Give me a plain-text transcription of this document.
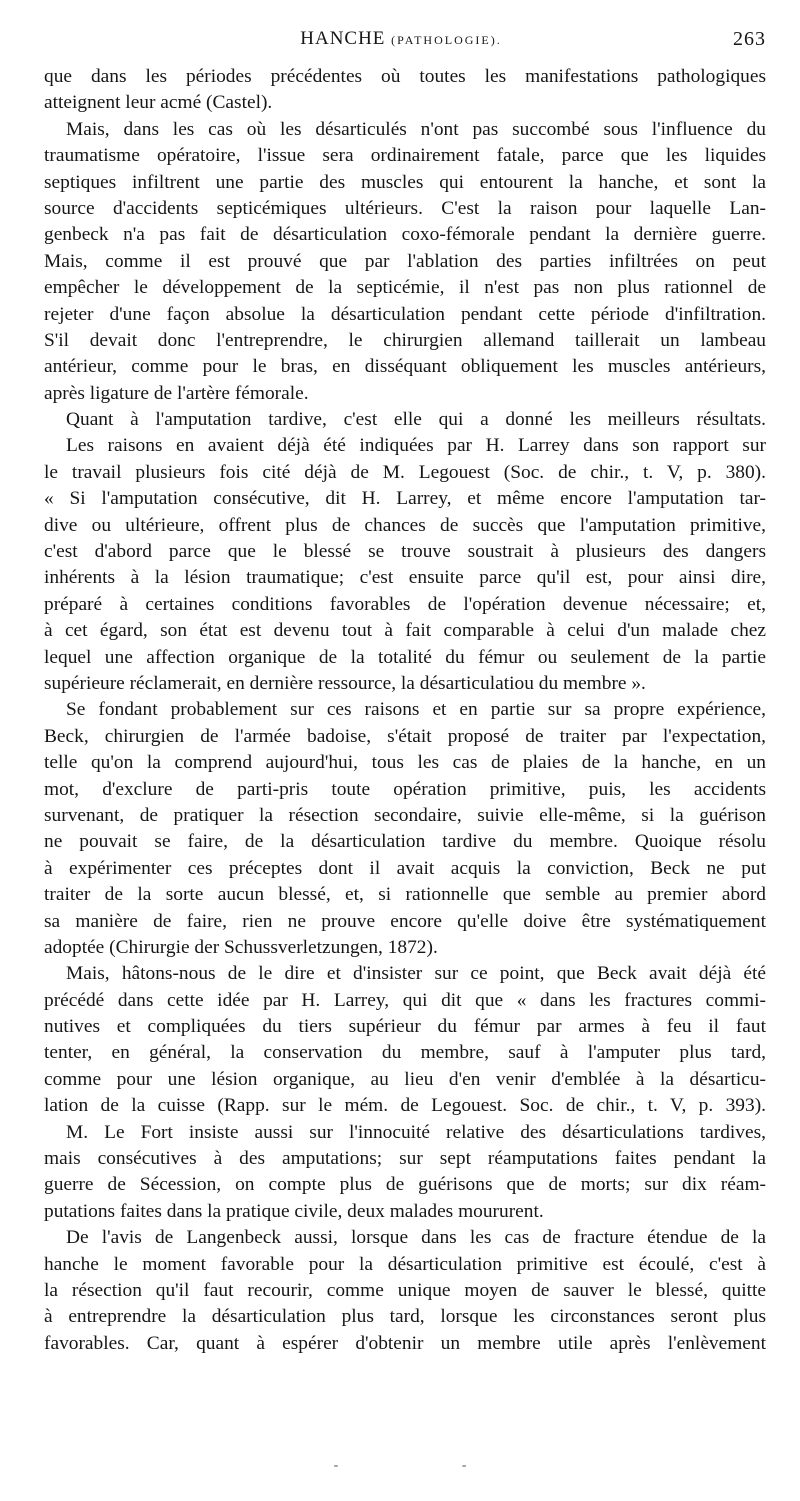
HANCHE (PATHOLOGIE).	263
que dans les périodes précédentes où toutes les manifestations pathologiques
atteignent leur acmé (Castel).
Mais, dans les cas où les désarticulés n'ont pas succombé sous l'influence du
traumatisme opératoire, l'issue sera ordinairement fatale, parce que les liquides
septiques infiltrent une partie des muscles qui entourent la hanche, et sont la
source d'accidents septicémiques ultérieurs. C'est la raison pour laquelle Lan-
genbeck n'a pas fait de désarticulation coxo-fémorale pendant la dernière guerre.
Mais, comme il est prouvé que par l'ablation des parties infiltrées on peut
empêcher le développement de la septicémie, il n'est pas non plus rationnel de
rejeter d'une façon absolue la désarticulation pendant cette période d'infiltration.
S'il devait donc l'entreprendre, le chirurgien allemand taillerait un lambeau
antérieur, comme pour le bras, en disséquant obliquement les muscles antérieurs,
après ligature de l'artère fémorale.
Quant à l'amputation tardive, c'est elle qui a donné les meilleurs résultats.
Les raisons en avaient déjà été indiquées par H. Larrey dans son rapport sur
le travail plusieurs fois cité déjà de M. Legouest (Soc. de chir., t. V, p. 380).
« Si l'amputation consécutive, dit H. Larrey, et même encore l'amputation tar-
dive ou ultérieure, offrent plus de chances de succès que l'amputation primitive,
c'est d'abord parce que le blessé se trouve soustrait à plusieurs des dangers
inhérents à la lésion traumatique; c'est ensuite parce qu'il est, pour ainsi dire,
préparé à certaines conditions favorables de l'opération devenue nécessaire; et,
à cet égard, son état est devenu tout à fait comparable à celui d'un malade chez
lequel une affection organique de la totalité du fémur ou seulement de la partie
supérieure réclamerait, en dernière ressource, la désarticulatiou du membre ».
Se fondant probablement sur ces raisons et en partie sur sa propre expérience,
Beck, chirurgien de l'armée badoise, s'était proposé de traiter par l'expectation,
telle qu'on la comprend aujourd'hui, tous les cas de plaies de la hanche, en un
mot, d'exclure de parti-pris toute opération primitive, puis, les accidents
survenant, de pratiquer la résection secondaire, suivie elle-même, si la guérison
ne pouvait se faire, de la désarticulation tardive du membre. Quoique résolu
à expérimenter ces préceptes dont il avait acquis la conviction, Beck ne put
traiter de la sorte aucun blessé, et, si rationnelle que semble au premier abord
sa manière de faire, rien ne prouve encore qu'elle doive être systématiquement
adoptée (Chirurgie der Schussverletzungen, 1872).
Mais, hâtons-nous de le dire et d'insister sur ce point, que Beck avait déjà été
précédé dans cette idée par H. Larrey, qui dit que « dans les fractures commi-
nutives et compliquées du tiers supérieur du fémur par armes à feu il faut
tenter, en général, la conservation du membre, sauf à l'amputer plus tard,
comme pour une lésion organique, au lieu d'en venir d'emblée à la désarticu-
lation de la cuisse (Rapp. sur le mém. de Legouest. Soc. de chir., t. V, p. 393).
M. Le Fort insiste aussi sur l'innocuité relative des désarticulations tardives,
mais consécutives à des amputations; sur sept réamputations faites pendant la
guerre de Sécession, on compte plus de guérisons que de morts; sur dix réam-
putations faites dans la pratique civile, deux malades moururent.
De l'avis de Langenbeck aussi, lorsque dans les cas de fracture étendue de la
hanche le moment favorable pour la désarticulation primitive est écoulé, c'est à
la résection qu'il faut recourir, comme unique moyen de sauver le blessé, quitte
à entreprendre la désarticulation plus tard, lorsque les circonstances seront plus
favorables. Car, quant à espérer d'obtenir un membre utile après l'enlèvement
-	-
